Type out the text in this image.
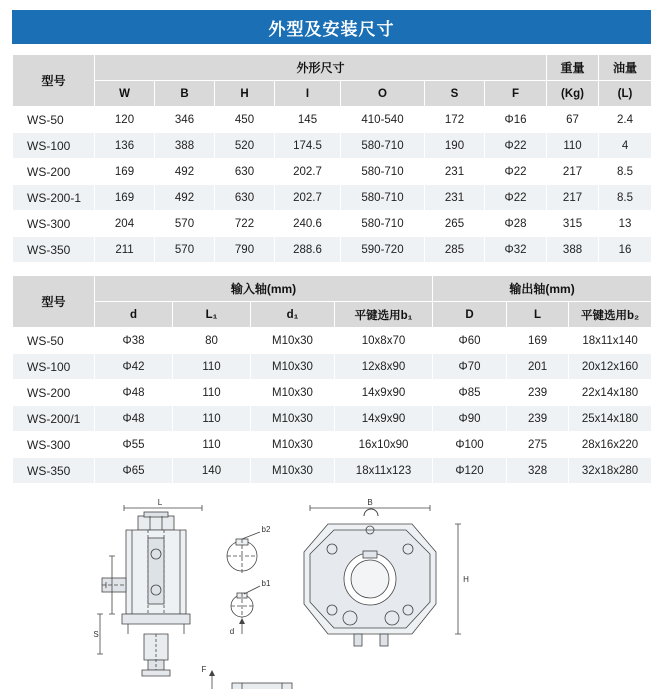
外型及安装尺寸
型号	外形尺寸							重量	油量
	W	B	H	I	O	S	F	(Kg)	(L)
WS-50	120	346	450	145	410-540	172	Φ16	67	2.4
WS-100	136	388	520	174.5	580-710	190	Φ22	110	4
WS-200	169	492	630	202.7	580-710	231	Φ22	217	8.5
WS-200-1	169	492	630	202.7	580-710	231	Φ22	217	8.5
WS-300	204	570	722	240.6	580-710	265	Φ28	315	13
WS-350	211	570	790	288.6	590-720	285	Φ32	388	16
型号	输入轴(mm)				输出轴(mm)		
	d	L₁	d₁	平键选用b₁	D	L	平键选用b₂
WS-50	Φ38	80	M10x30	10x8x70	Φ60	169	18x11x140
WS-100	Φ42	110	M10x30	12x8x90	Φ70	201	20x12x160
WS-200	Φ48	110	M10x30	14x9x90	Φ85	239	22x14x180
WS-200/1	Φ48	110	M10x30	14x9x90	Φ90	239	25x14x180
WS-300	Φ55	110	M10x30	16x10x90	Φ100	275	28x16x220
WS-350	Φ65	140	M10x30	18x11x123	Φ120	328	32x18x280
L
I
S
b2
b1
d
B
H
F
